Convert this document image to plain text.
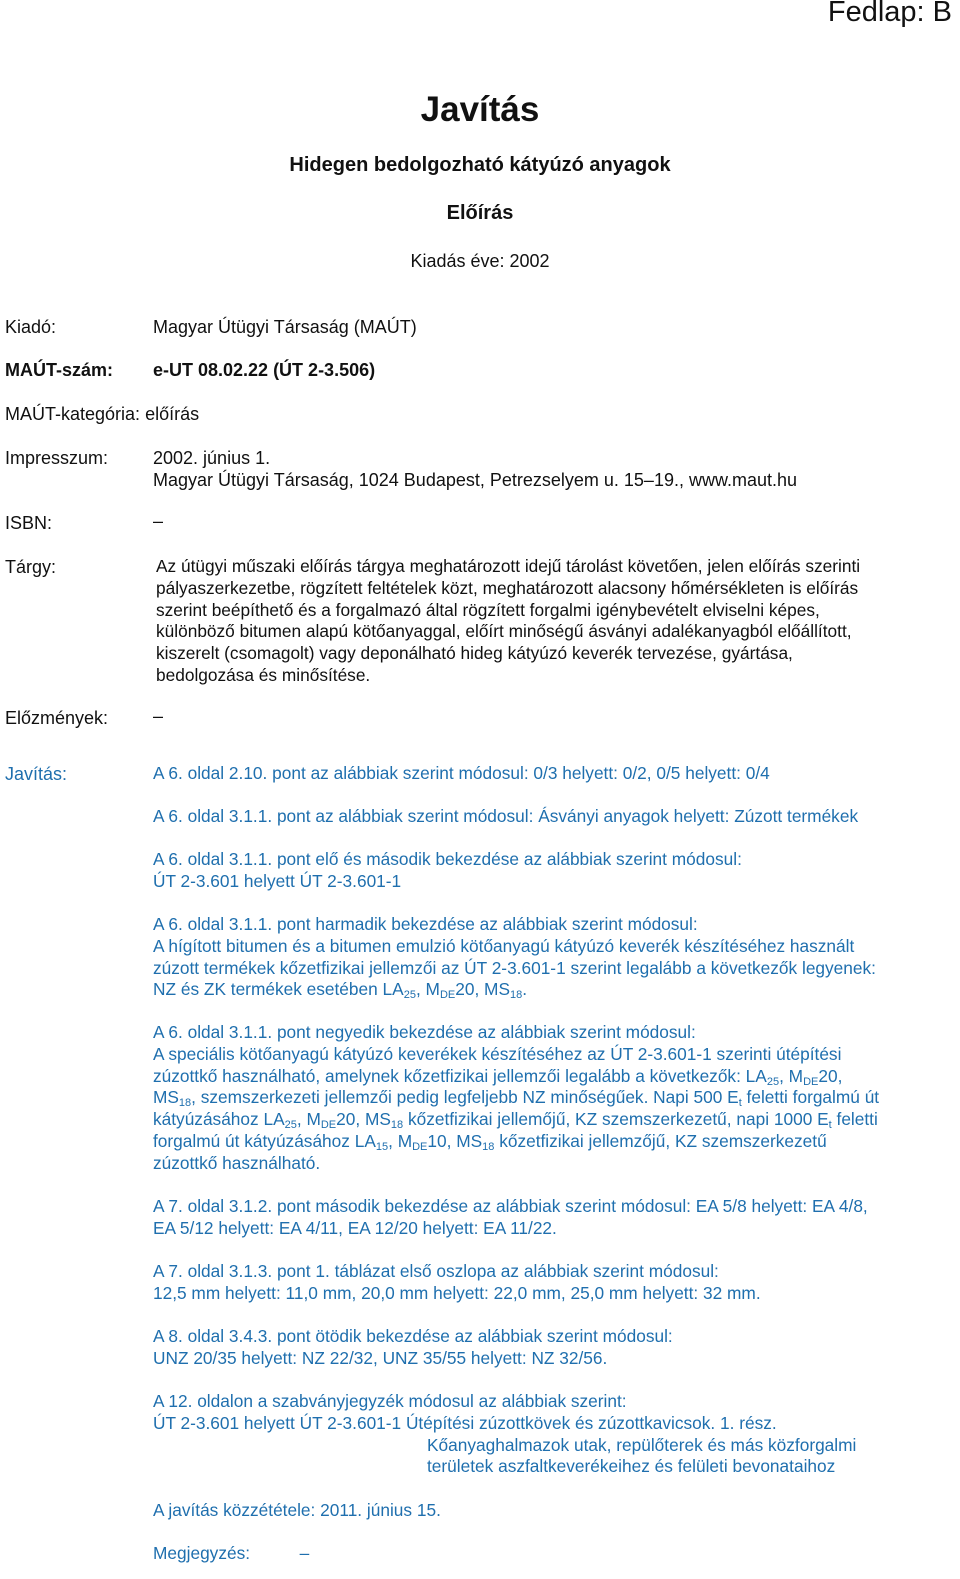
Fedlap: B
Javítás
Hidegen bedolgozható kátyúzó anyagok
Előírás
Kiadás éve: 2002
Kiadó:	Magyar Útügyi Társaság (MAÚT)
MAÚT-szám: e-UT 08.02.22 (ÚT 2-3.506)
MAÚT-kategória: előírás
Impresszum: 2002. június 1.
Magyar Útügyi Társaság, 1024 Budapest, Petrezselyem u. 15–19., www.maut.hu
ISBN:	–
Tárgy:	Az útügyi műszaki előírás tárgya meghatározott idejű tárolást követően, jelen előírás szerinti
pályaszerkezetbe, rögzített feltételek közt, meghatározott alacsony hőmérsékleten is előírás
szerint beépíthető és a forgalmazó által rögzített forgalmi igénybevételt elviselni képes,
különböző bitumen alapú kötőanyaggal, előírt minőségű ásványi adalékanyagból előállított,
kiszerelt (csomagolt) vagy deponálható hideg kátyúzó keverék tervezése, gyártása,
bedolgozása és minősítése.
Előzmények: –
Javítás:	A 6. oldal 2.10. pont az alábbiak szerint módosul: 0/3 helyett: 0/2, 0/5 helyett: 0/4
A 6. oldal 3.1.1. pont az alábbiak szerint módosul: Ásványi anyagok helyett: Zúzott termékek
A 6. oldal 3.1.1. pont elő és második bekezdése az alábbiak szerint módosul:
ÚT 2-3.601 helyett ÚT 2-3.601-1
A 6. oldal 3.1.1. pont harmadik bekezdése az alábbiak szerint módosul:
A hígított bitumen és a bitumen emulzió kötőanyagú kátyúzó keverék készítéséhez használt
zúzott termékek kőzetfizikai jellemzői az ÚT 2-3.601-1 szerint legalább a következők legyenek:
NZ és ZK termékek esetében $LA_{25}$, $M_{DE}20$, $MS_{18}$.
A 6. oldal 3.1.1. pont negyedik bekezdése az alábbiak szerint módosul:
A speciális kötőanyagú kátyúzó keverékek készítéséhez az ÚT 2-3.601-1 szerinti útépítési
zúzottkő használható, amelynek kőzetfizikai jellemzői legalább a következők: $LA_{25}$, $M_{DE}20$,
$MS_{18}$, szemszerkezeti jellemzői pedig legfeljebb NZ minőségűek. Napi 500 $E_t$ feletti forgalmú út
kátyúzásához $LA_{25}$, $M_{DE}20$, $MS_{18}$ kőzetfizikai jellemőjű, KZ szemszerkezetű, napi 1000 $E_t$ feletti
forgalmú út kátyúzásához $LA_{15}$, $M_{DE}10$, $MS_{18}$ kőzetfizikai jellemzőjű, KZ szemszerkezetű
zúzottkő használható.
A 7. oldal 3.1.2. pont második bekezdése az alábbiak szerint módosul: EA 5/8 helyett: EA 4/8,
EA 5/12 helyett: EA 4/11, EA 12/20 helyett: EA 11/22.
A 7. oldal 3.1.3. pont 1. táblázat első oszlopa az alábbiak szerint módosul:
12,5 mm helyett: 11,0 mm, 20,0 mm helyett: 22,0 mm, 25,0 mm helyett: 32 mm.
A 8. oldal 3.4.3. pont ötödik bekezdése az alábbiak szerint módosul:
UNZ 20/35 helyett: NZ 22/32, UNZ 35/55 helyett: NZ 32/56.
A 12. oldalon a szabványjegyzék módosul az alábbiak szerint:
ÚT 2-3.601 helyett ÚT 2-3.601-1 Útépítési zúzottkövek és zúzottkavicsok. 1. rész.
Kőanyaghalmazok utak, repülőterek és más közforgalmi
területek aszfaltkeverékeihez és felületi bevonataihoz
A javítás közzététele: 2011. június 15.
Megjegyzés:	–
